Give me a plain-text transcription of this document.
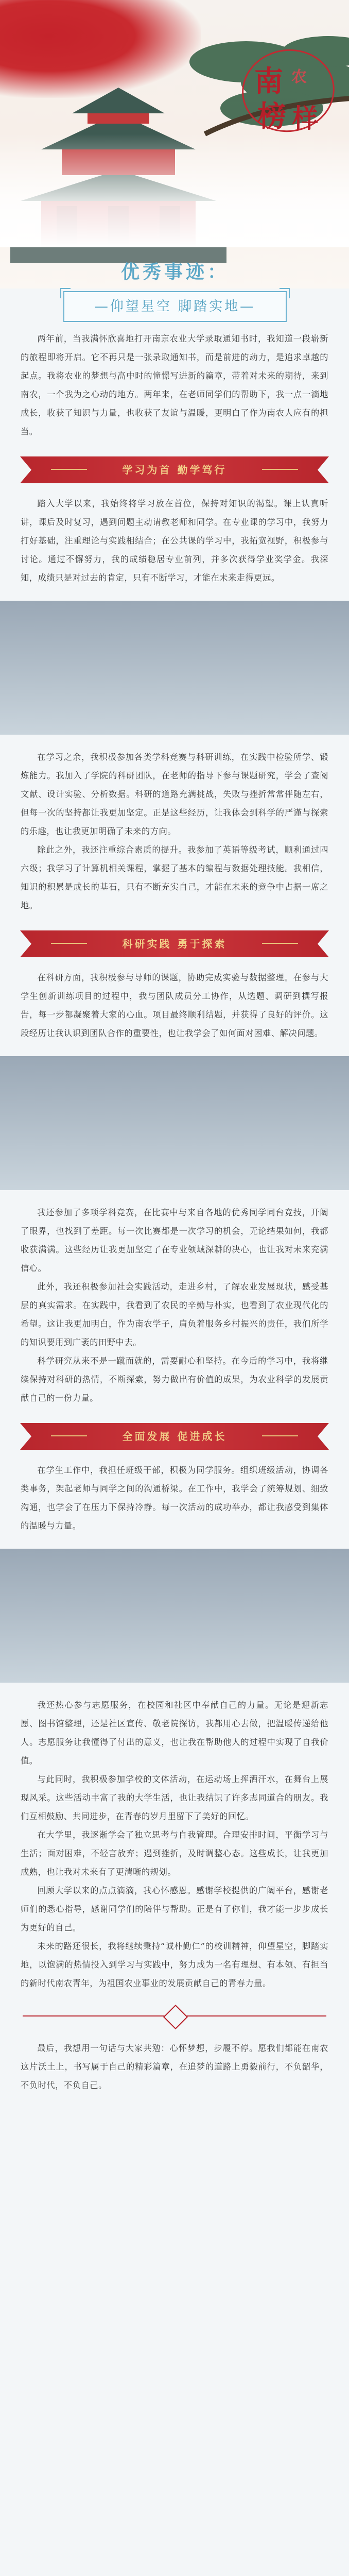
南 农
榜 样
优秀事迹：
—仰望星空 脚踏实地—

两年前，当我满怀欣喜地打开南京农业大学录取通知书时，我知道一段崭新的旅程即将开启。它不再只是一张录取通知书，而是前进的动力，是追求卓越的起点。我将农业的梦想与高中时的憧憬写进新的篇章，带着对未来的期待，来到南农，一个我为之心动的地方。两年来，在老师同学们的帮助下，我一点一滴地成长，收获了知识与力量，也收获了友谊与温暖，更明白了作为南农人应有的担当。

学习为首 勤学笃行

踏入大学以来，我始终将学习放在首位，保持对知识的渴望。课上认真听讲，课后及时复习，遇到问题主动请教老师和同学。在专业课的学习中，我努力打好基础，注重理论与实践相结合；在公共课的学习中，我拓宽视野，积极参与讨论。通过不懈努力，我的成绩稳居专业前列，并多次获得学业奖学金。我深知，成绩只是对过去的肯定，只有不断学习，才能在未来走得更远。

在学习之余，我积极参加各类学科竞赛与科研训练，在实践中检验所学、锻炼能力。我加入了学院的科研团队，在老师的指导下参与课题研究，学会了查阅文献、设计实验、分析数据。科研的道路充满挑战，失败与挫折常常伴随左右，但每一次的坚持都让我更加坚定。正是这些经历，让我体会到科学的严谨与探索的乐趣，也让我更加明确了未来的方向。

除此之外，我还注重综合素质的提升。我参加了英语等级考试，顺利通过四六级；我学习了计算机相关课程，掌握了基本的编程与数据处理技能。我相信，知识的积累是成长的基石，只有不断充实自己，才能在未来的竞争中占据一席之地。

科研实践 勇于探索

在科研方面，我积极参与导师的课题，协助完成实验与数据整理。在参与大学生创新训练项目的过程中，我与团队成员分工协作，从选题、调研到撰写报告，每一步都凝聚着大家的心血。项目最终顺利结题，并获得了良好的评价。这段经历让我认识到团队合作的重要性，也让我学会了如何面对困难、解决问题。

我还参加了多项学科竞赛，在比赛中与来自各地的优秀同学同台竞技，开阔了眼界，也找到了差距。每一次比赛都是一次学习的机会，无论结果如何，我都收获满满。这些经历让我更加坚定了在专业领域深耕的决心，也让我对未来充满信心。

此外，我还积极参加社会实践活动，走进乡村，了解农业发展现状，感受基层的真实需求。在实践中，我看到了农民的辛勤与朴实，也看到了农业现代化的希望。这让我更加明白，作为南农学子，肩负着服务乡村振兴的责任，我们所学的知识要用到广袤的田野中去。

科学研究从来不是一蹴而就的，需要耐心和坚持。在今后的学习中，我将继续保持对科研的热情，不断探索，努力做出有价值的成果，为农业科学的发展贡献自己的一份力量。

全面发展 促进成长

在学生工作中，我担任班级干部，积极为同学服务。组织班级活动，协调各类事务，架起老师与同学之间的沟通桥梁。在工作中，我学会了统筹规划、细致沟通，也学会了在压力下保持冷静。每一次活动的成功举办，都让我感受到集体的温暖与力量。

我还热心参与志愿服务，在校园和社区中奉献自己的力量。无论是迎新志愿、图书馆整理，还是社区宣传、敬老院探访，我都用心去做，把温暖传递给他人。志愿服务让我懂得了付出的意义，也让我在帮助他人的过程中实现了自我价值。

与此同时，我积极参加学校的文体活动，在运动场上挥洒汗水，在舞台上展现风采。这些活动丰富了我的大学生活，也让我结识了许多志同道合的朋友。我们互相鼓励、共同进步，在青春的岁月里留下了美好的回忆。

在大学里，我逐渐学会了独立思考与自我管理。合理安排时间，平衡学习与生活；面对困难，不轻言放弃；遇到挫折，及时调整心态。这些成长，让我更加成熟，也让我对未来有了更清晰的规划。

回顾大学以来的点点滴滴，我心怀感恩。感谢学校提供的广阔平台，感谢老师们的悉心指导，感谢同学们的陪伴与帮助。正是有了你们，我才能一步步成长为更好的自己。

未来的路还很长，我将继续秉持“诚朴勤仁”的校训精神，仰望星空，脚踏实地，以饱满的热情投入到学习与实践中，努力成为一名有理想、有本领、有担当的新时代南农青年，为祖国农业事业的发展贡献自己的青春力量。

最后，我想用一句话与大家共勉：心怀梦想，步履不停。愿我们都能在南农这片沃土上，书写属于自己的精彩篇章，在追梦的道路上勇毅前行，不负韶华，不负时代，不负自己。
